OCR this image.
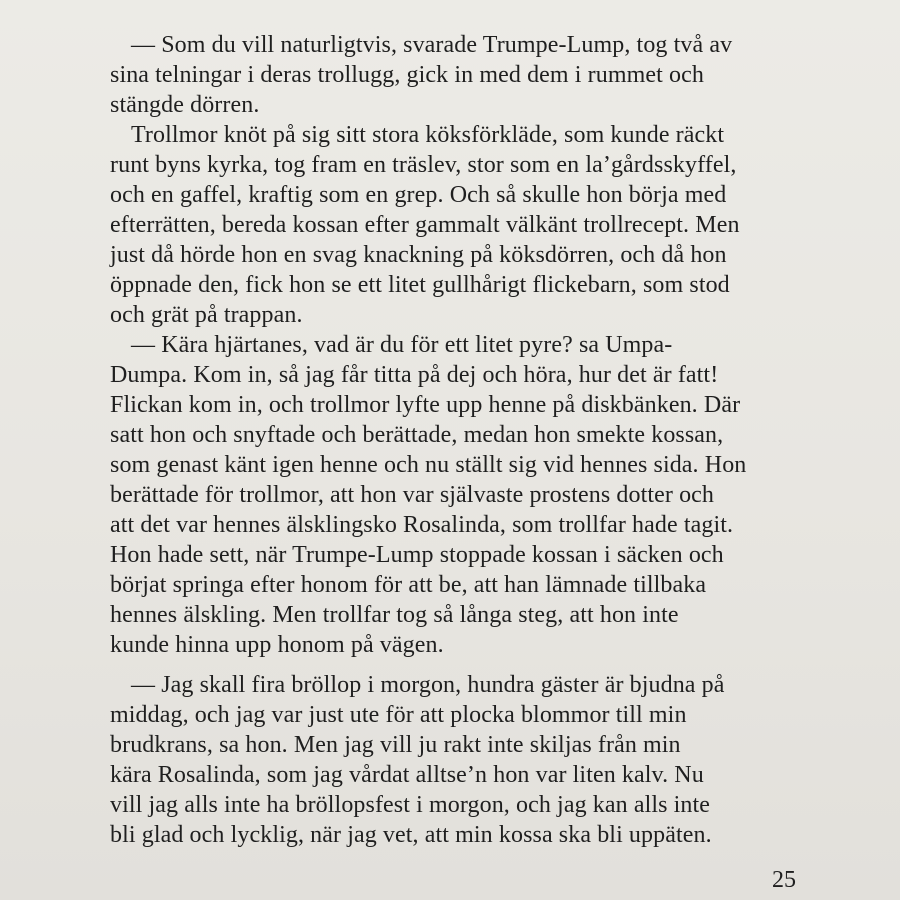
— Som du vill naturligtvis, svarade Trumpe-Lump, tog två av
sina telningar i deras trollugg, gick in med dem i rummet och
stängde dörren.
Trollmor knöt på sig sitt stora köksförkläde, som kunde räckt
runt byns kyrka, tog fram en träslev, stor som en la’gårdsskyffel,
och en gaffel, kraftig som en grep. Och så skulle hon börja med
efterrätten, bereda kossan efter gammalt välkänt trollrecept. Men
just då hörde hon en svag knackning på köksdörren, och då hon
öppnade den, fick hon se ett litet gullhårigt flickebarn, som stod
och grät på trappan.
— Kära hjärtanes, vad är du för ett litet pyre? sa Umpa-
Dumpa. Kom in, så jag får titta på dej och höra, hur det är fatt!
Flickan kom in, och trollmor lyfte upp henne på diskbänken. Där
satt hon och snyftade och berättade, medan hon smekte kossan,
som genast känt igen henne och nu ställt sig vid hennes sida. Hon
berättade för trollmor, att hon var självaste prostens dotter och
att det var hennes älsklingsko Rosalinda, som trollfar hade tagit.
Hon hade sett, när Trumpe-Lump stoppade kossan i säcken och
börjat springa efter honom för att be, att han lämnade tillbaka
hennes älskling. Men trollfar tog så långa steg, att hon inte
kunde hinna upp honom på vägen.
— Jag skall fira bröllop i morgon, hundra gäster är bjudna på
middag, och jag var just ute för att plocka blommor till min
brudkrans, sa hon. Men jag vill ju rakt inte skiljas från min
kära Rosalinda, som jag vårdat alltse’n hon var liten kalv. Nu
vill jag alls inte ha bröllopsfest i morgon, och jag kan alls inte
bli glad och lycklig, när jag vet, att min kossa ska bli uppäten.
25
